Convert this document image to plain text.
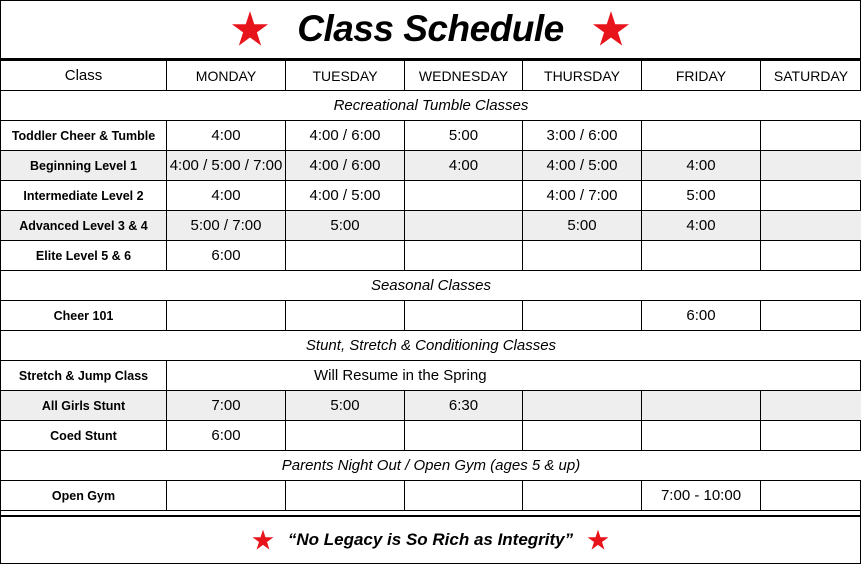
Class Schedule
Class	MONDAY	TUESDAY	WEDNESDAY	THURSDAY	FRIDAY	SATURDAY
Recreational Tumble Classes						
Toddler Cheer & Tumble	4:00	4:00 / 6:00	5:00	3:00 / 6:00		
Beginning Level 1	4:00 / 5:00 / 7:00	4:00 / 6:00	4:00	4:00 / 5:00	4:00	
Intermediate Level 2	4:00	4:00 / 5:00		4:00 / 7:00	5:00	
Advanced Level 3 & 4	5:00 / 7:00	5:00		5:00	4:00	
Elite Level 5 & 6	6:00					
Seasonal Classes						
Cheer 101					6:00	
Stunt, Stretch & Conditioning Classes						
Stretch & Jump Class	Will Resume in the Spring					
All Girls Stunt	7:00	5:00	6:30			
Coed Stunt	6:00					
Parents Night Out / Open Gym (ages 5 & up)						
Open Gym					7:00 - 10:00	
“No Legacy is So Rich as Integrity”
